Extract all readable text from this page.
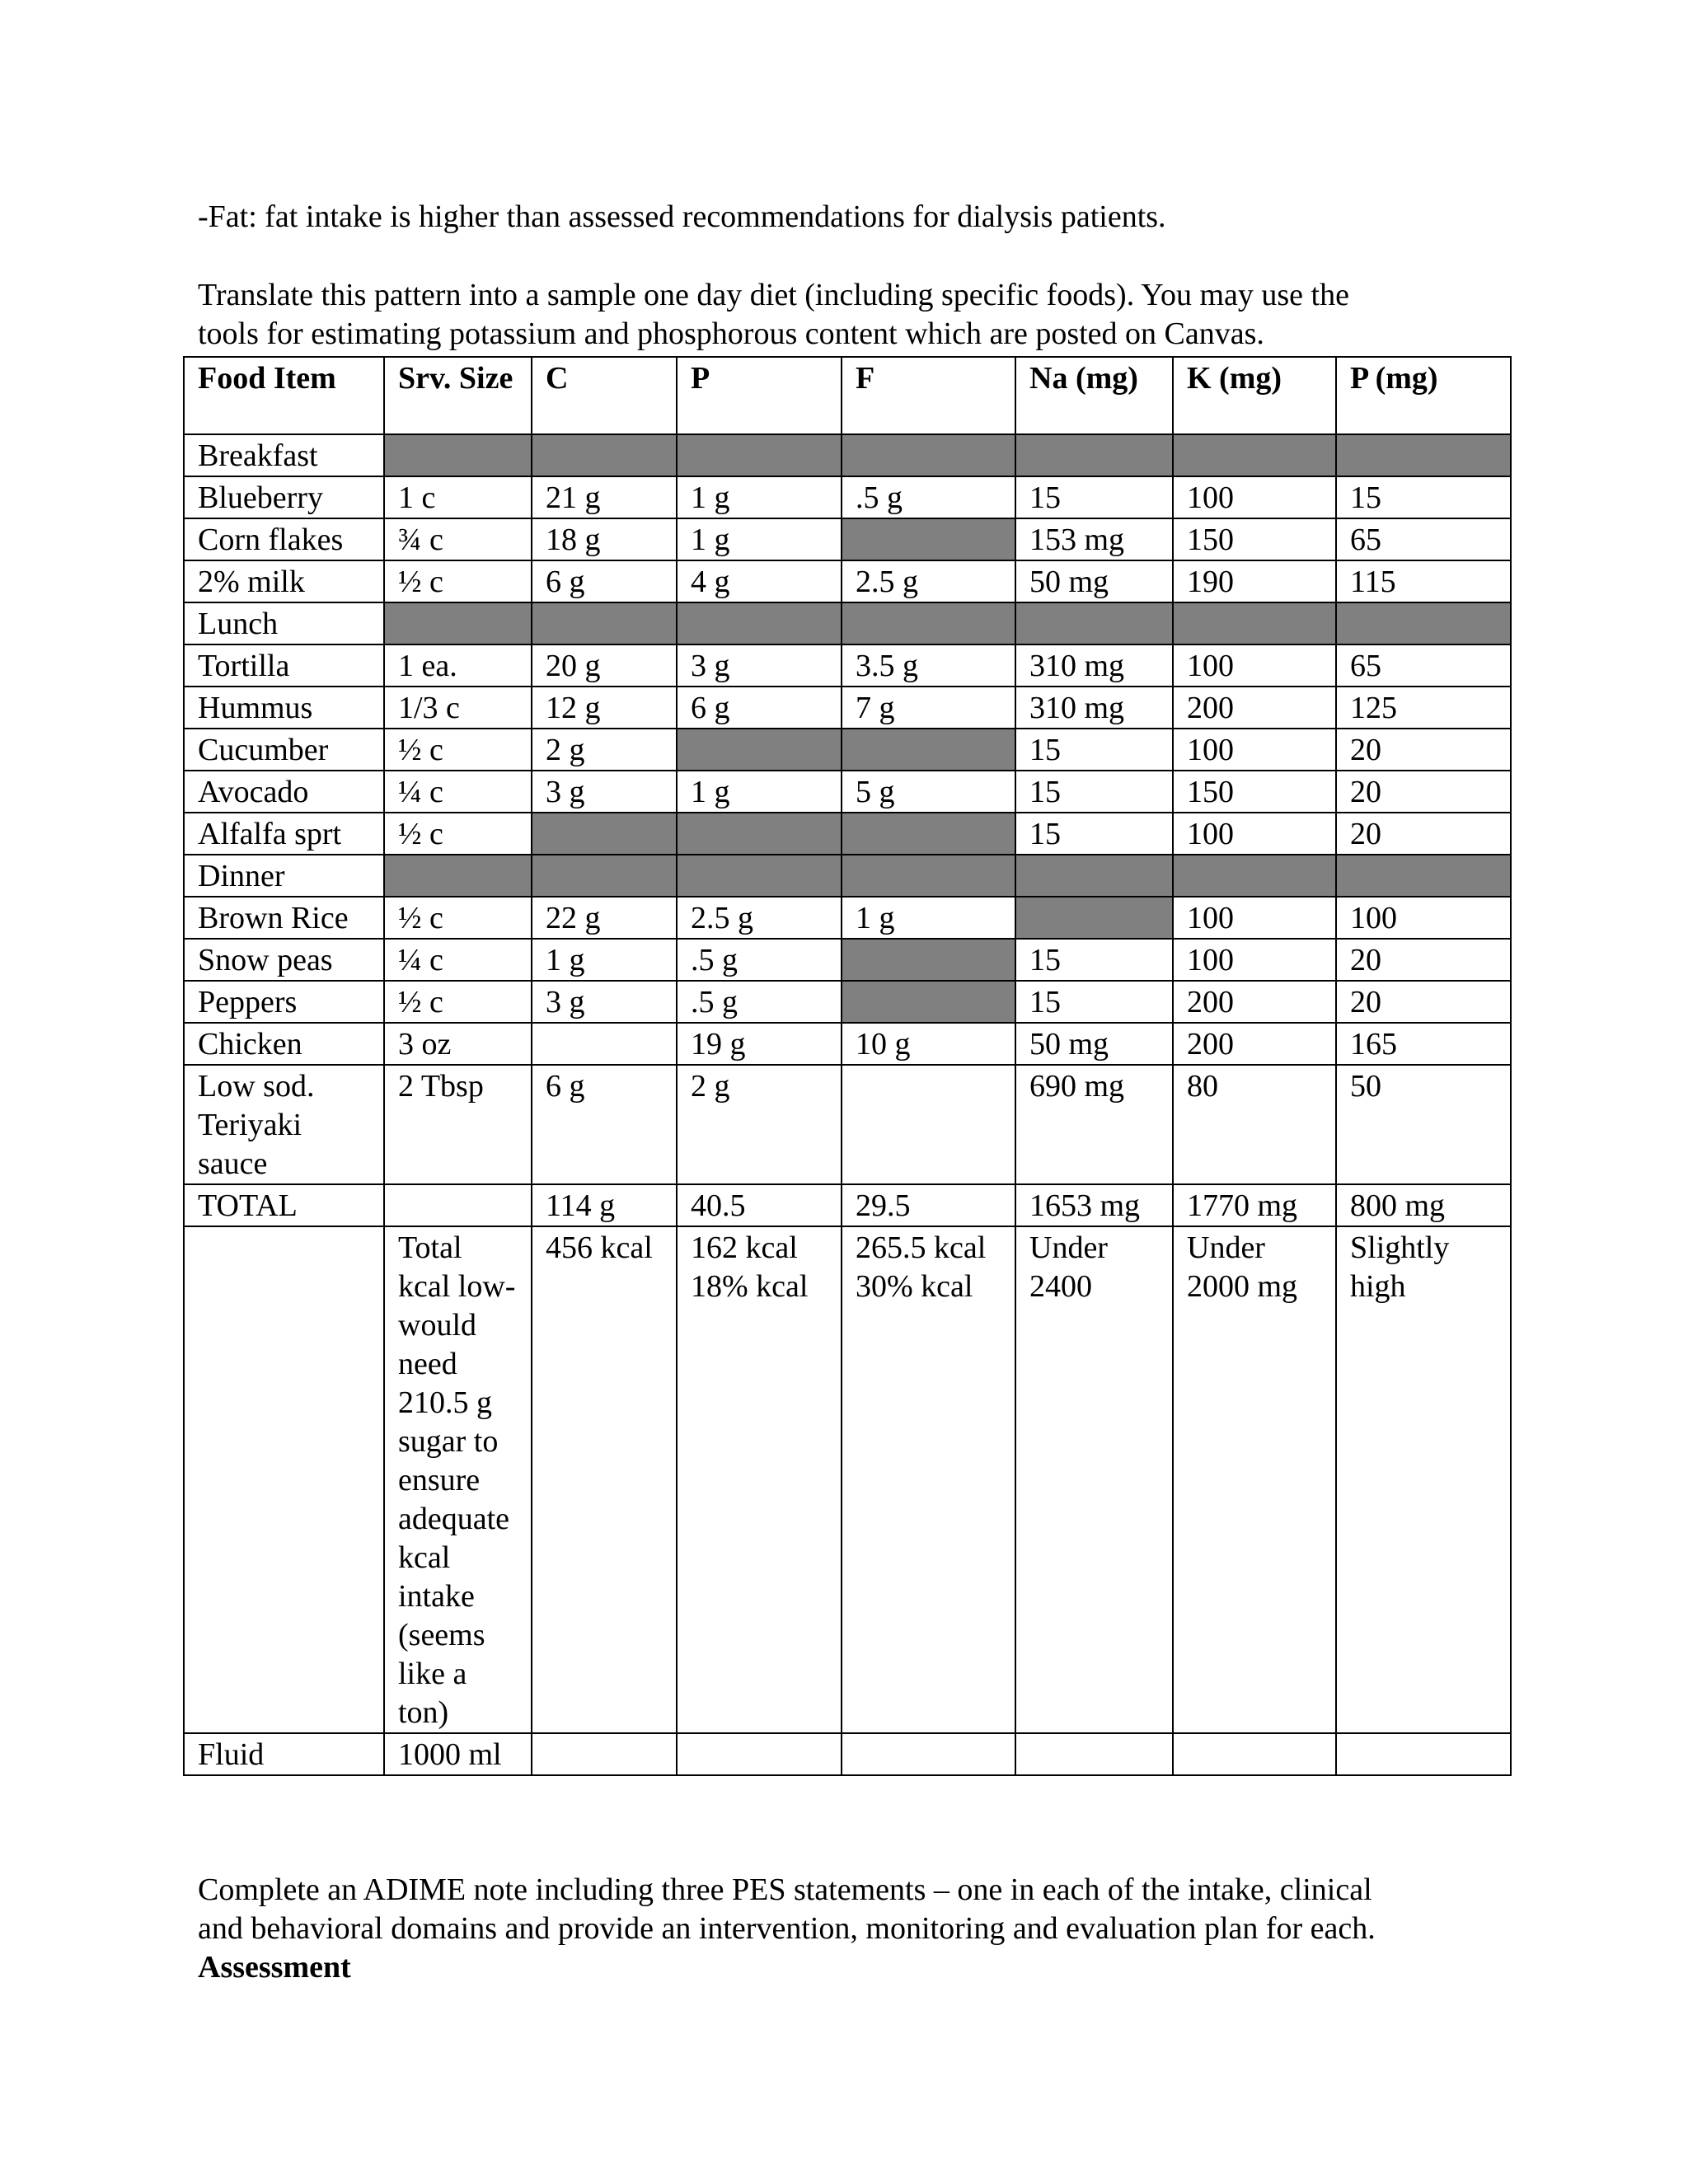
-Fat: fat intake is higher than assessed recommendations for dialysis patients.

Translate this pattern into a sample one day diet (including specific foods). You may use the
tools for estimating potassium and phosphorous content which are posted on Canvas.
Food Item	Srv. Size	C	P	F	Na (mg)	K (mg)	P (mg)
Breakfast							
Blueberry	1 c	21 g	1 g	.5 g	15	100	15
Corn flakes	¾ c	18 g	1 g		153 mg	150	65
2% milk	½ c	6 g	4 g	2.5 g	50 mg	190	115
Lunch							
Tortilla	1 ea.	20 g	3 g	3.5 g	310 mg	100	65
Hummus	1/3 c	12 g	6 g	7 g	310 mg	200	125
Cucumber	½ c	2 g			15	100	20
Avocado	¼ c	3 g	1 g	5 g	15	150	20
Alfalfa sprt	½ c				15	100	20
Dinner							
Brown Rice	½ c	22 g	2.5 g	1 g		100	100
Snow peas	¼ c	1 g	.5 g		15	100	20
Peppers	½ c	3 g	.5 g		15	200	20
Chicken	3 oz		19 g	10 g	50 mg	200	165
Low sod. Teriyaki sauce	2 Tbsp	6 g	2 g		690 mg	80	50
TOTAL		114 g	40.5	29.5	1653 mg	1770 mg	800 mg
	Total kcal low- would need 210.5 g sugar to ensure adequate kcal intake (seems like a ton)	456 kcal	162 kcal 18% kcal	265.5 kcal 30% kcal	Under 2400	Under 2000 mg	Slightly high
Fluid	1000 ml						
Complete an ADIME note including three PES statements – one in each of the intake, clinical
and behavioral domains and provide an intervention, monitoring and evaluation plan for each.

Assessment
